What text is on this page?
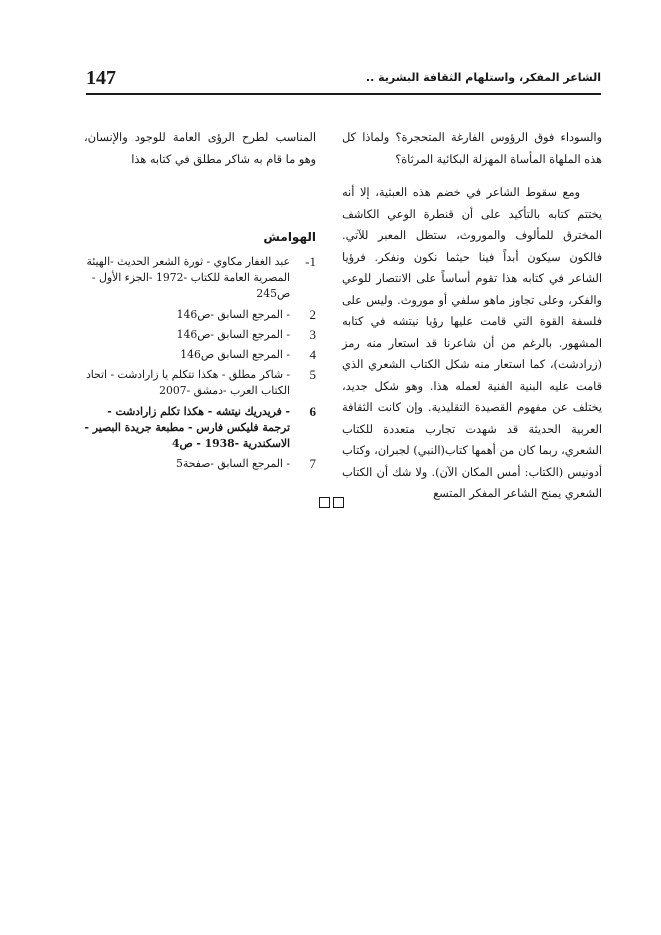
147	الشاعر المفكر، واستلهام الثقافة البشرية ..

والسوداء فوق الرؤوس الفارغة المتحجرة؟ ولماذا كل هذه الملهاة المأساة المهزلة البكائية المرثاة؟

ومع سقوط الشاعر في خضم هذه العبثية، إلا أنه يختتم كتابه بالتأكيد على أن قنطرة الوعي الكاشف المخترق للمألوف والموروث، ستظل المعبر للآتي. فالكون سيكون أبداً فينا حيثما نكون ونفكر. فرؤيا الشاعر في كتابه هذا تقوم أساساً على الانتصار للوعي والفكر، وعلى تجاوز ماهو سلفي أو موروث. وليس على فلسفة القوة التي قامت عليها رؤيا نيتشه في كتابه المشهور. بالرغم من أن شاعرنا قد استعار منه رمز (زرادشت)، كما استعار منه شكل الكتاب الشعري الذي قامت عليه البنية الفنية لعمله هذا. وهو شكل جديد، يختلف عن مفهوم القصيدة التقليدية. وإن كانت الثقافة العربية الحديثة قد شهدت تجارب متعددة للكتاب الشعري، ربما كان من أهمها كتاب(النبي) لجبران، وكتاب أدونيس (الكتاب: أمس المكان الآن). ولا شك أن الكتاب الشعري يمنح الشاعر المفكر المتسع

المناسب لطرح الرؤى العامة للوجود والإنسان، وهو ما قام به شاكر مطلق في كتابه هذا

الهوامش
1-
عبد الغفار مكاوي - ثورة الشعر الحديث -الهيئة المصرية العامة للكتاب -1972 -الجزء الأول - ص245
2
- المرجع السابق -ص146
3
- المرجع السابق -ص146
4
- المرجع السابق ص146
5
- شاكر مطلق - هكذا تتكلم يا زارادشت - اتحاد الكتاب العرب -دمشق -2007
6
- فريدريك نيتشه - هكذا تكلم زارادشت - ترجمة فليكس فارس - مطبعة جريدة البصير - الاسكندرية -1938 - ص4
7
- المرجع السابق -صفحة5
